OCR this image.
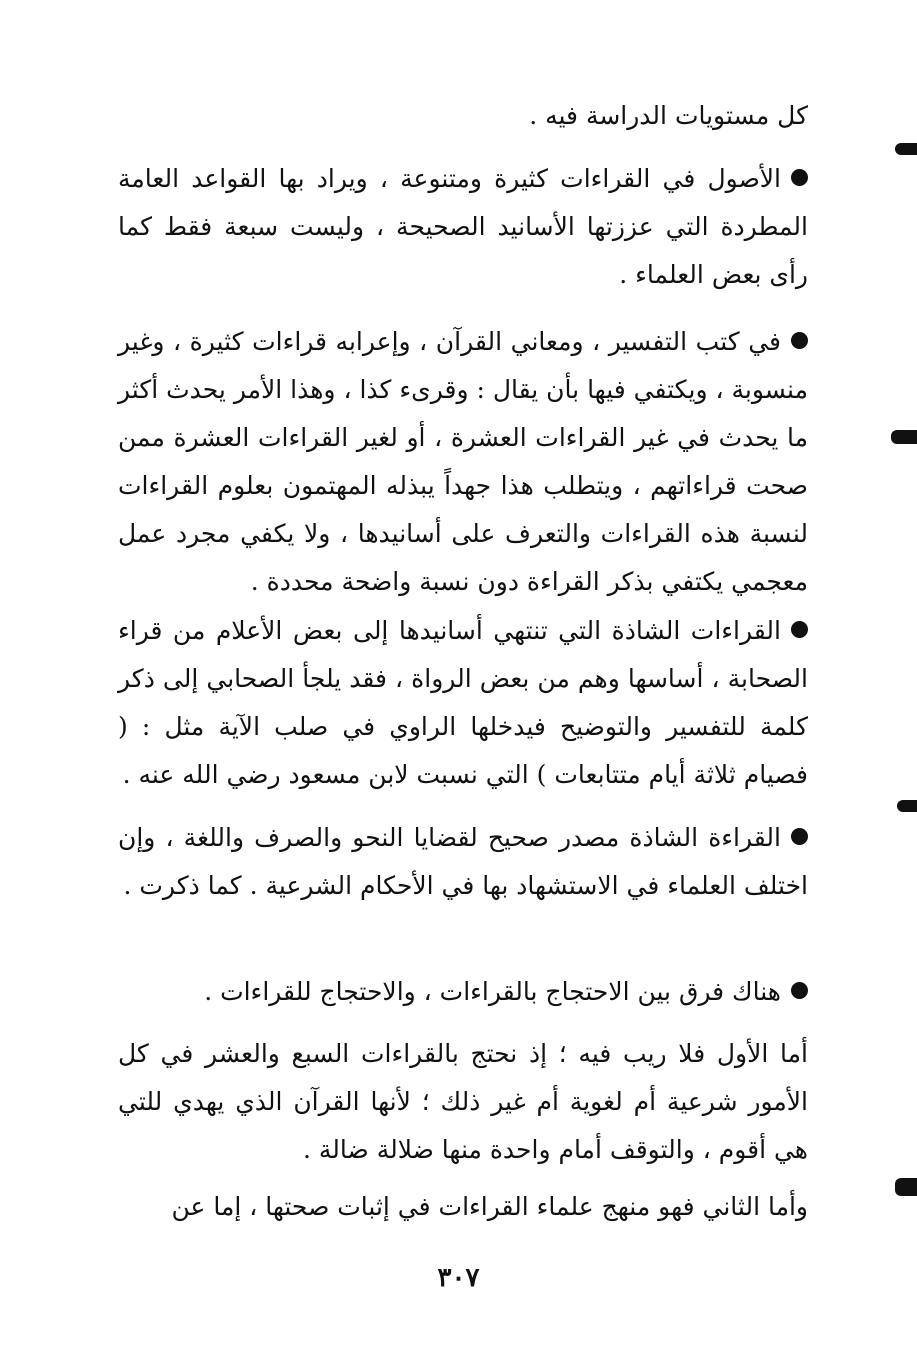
كل مستويات الدراسة فيه .

الأصول في القراءات كثيرة ومتنوعة ، ويراد بها القواعد العامة المطردة التي عززتها الأسانيد الصحيحة ، وليست سبعة فقط كما رأى بعض العلماء .

في كتب التفسير ، ومعاني القرآن ، وإعرابه قراءات كثيرة ، وغير منسوبة ، ويكتفي فيها بأن يقال : وقرىء كذا ، وهذا الأمر يحدث أكثر ما يحدث في غير القراءات العشرة ، أو لغير القراءات العشرة ممن صحت قراءاتهم ، ويتطلب هذا جهداً يبذله المهتمون بعلوم القراءات لنسبة هذه القراءات والتعرف على أسانيدها ، ولا يكفي مجرد عمل معجمي يكتفي بذكر القراءة دون نسبة واضحة محددة .

القراءات الشاذة التي تنتهي أسانيدها إلى بعض الأعلام من قراء الصحابة ، أساسها وهم من بعض الرواة ، فقد يلجأ الصحابي إلى ذكر كلمة للتفسير والتوضيح فيدخلها الراوي في صلب الآية مثل : ( فصيام ثلاثة أيام متتابعات ) التي نسبت لابن مسعود رضي الله عنه .

القراءة الشاذة مصدر صحيح لقضايا النحو والصرف واللغة ، وإن اختلف العلماء في الاستشهاد بها في الأحكام الشرعية . كما ذكرت .

هناك فرق بين الاحتجاج بالقراءات ، والاحتجاج للقراءات .

أما الأول فلا ريب فيه ؛ إذ نحتج بالقراءات السبع والعشر في كل الأمور شرعية أم لغوية أم غير ذلك ؛ لأنها القرآن الذي يهدي للتي هي أقوم ، والتوقف أمام واحدة منها ضلالة ضالة .

وأما الثاني فهو منهج علماء القراءات في إثبات صحتها ، إما عن

٣٠٧
